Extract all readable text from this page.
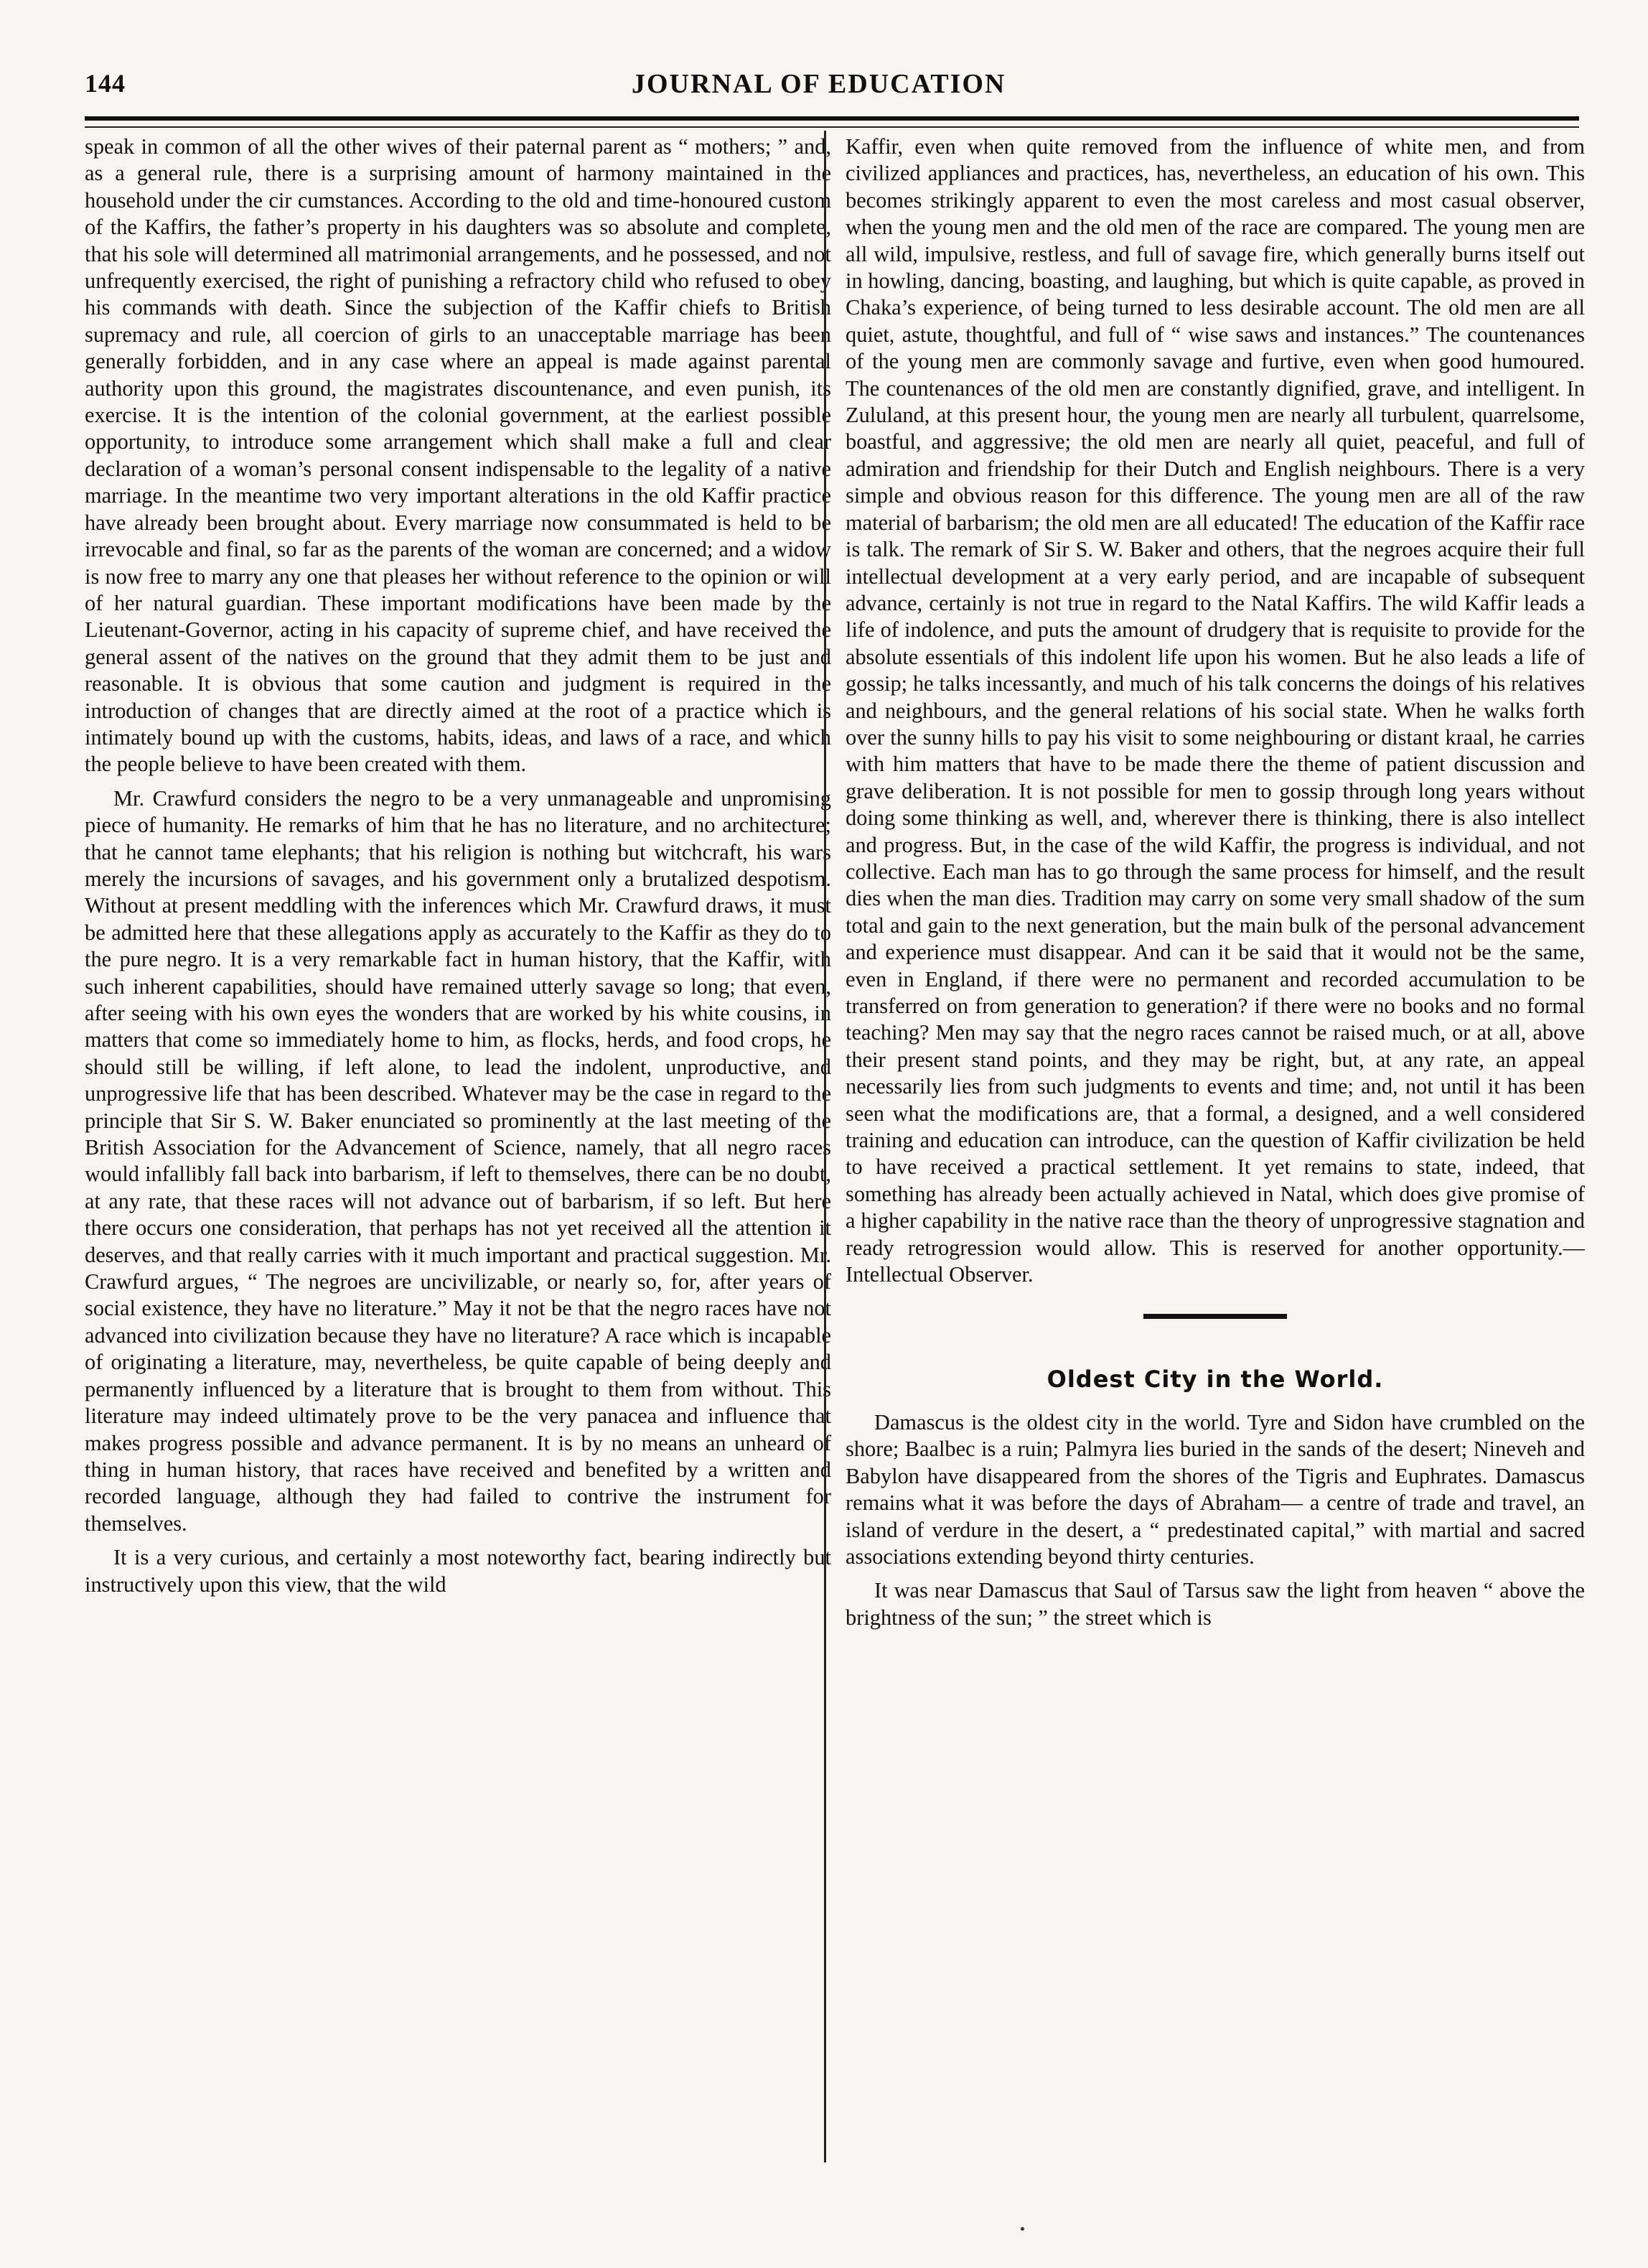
144	JOURNAL OF EDUCATION

speak in common of all the other wives of their paternal parent as “ mothers; ” and, as a general rule, there is a surprising amount of harmony maintained in the household under the cir cumstances. According to the old and time-honoured custom of the Kaffirs, the father’s property in his daughters was so absolute and complete, that his sole will determined all matrimonial arrangements, and he possessed, and not unfrequently exercised, the right of punishing a refractory child who refused to obey his commands with death. Since the subjection of the Kaffir chiefs to British supremacy and rule, all coercion of girls to an unacceptable marriage has been generally forbidden, and in any case where an appeal is made against parental authority upon this ground, the magistrates discountenance, and even punish, its exercise. It is the intention of the colonial government, at the earliest possible opportunity, to introduce some arrangement which shall make a full and clear declaration of a woman’s personal consent indispensable to the legality of a native marriage. In the meantime two very important alterations in the old Kaffir practice have already been brought about. Every marriage now consummated is held to be irrevocable and final, so far as the parents of the woman are concerned; and a widow is now free to marry any one that pleases her without reference to the opinion or will of her natural guardian. These important modifications have been made by the Lieutenant-Governor, acting in his capacity of supreme chief, and have received the general assent of the natives on the ground that they admit them to be just and reasonable. It is obvious that some caution and judgment is required in the introduction of changes that are directly aimed at the root of a practice which is intimately bound up with the customs, habits, ideas, and laws of a race, and which the people believe to have been created with them.

Mr. Crawfurd considers the negro to be a very unmanageable and unpromising piece of humanity. He remarks of him that he has no literature, and no architecture; that he cannot tame elephants; that his religion is nothing but witchcraft, his wars merely the incursions of savages, and his government only a brutalized despotism. Without at present meddling with the inferences which Mr. Crawfurd draws, it must be admitted here that these allegations apply as accurately to the Kaffir as they do to the pure negro. It is a very remarkable fact in human history, that the Kaffir, with such inherent capabilities, should have remained utterly savage so long; that even, after seeing with his own eyes the wonders that are worked by his white cousins, in matters that come so immediately home to him, as flocks, herds, and food crops, he should still be willing, if left alone, to lead the indolent, unproductive, and unprogressive life that has been described. Whatever may be the case in regard to the principle that Sir S. W. Baker enunciated so prominently at the last meeting of the British Association for the Advancement of Science, namely, that all negro races would infallibly fall back into barbarism, if left to themselves, there can be no doubt, at any rate, that these races will not advance out of barbarism, if so left. But here there occurs one consideration, that perhaps has not yet received all the attention it deserves, and that really carries with it much important and practical suggestion. Mr. Crawfurd argues, “ The negroes are uncivilizable, or nearly so, for, after years of social existence, they have no literature.” May it not be that the negro races have not advanced into civilization because they have no literature? A race which is incapable of originating a literature, may, nevertheless, be quite capable of being deeply and permanently influenced by a literature that is brought to them from without. This literature may indeed ultimately prove to be the very panacea and influence that makes progress possible and advance permanent. It is by no means an unheard of thing in human history, that races have received and benefited by a written and recorded language, although they had failed to contrive the instrument for themselves.

It is a very curious, and certainly a most noteworthy fact, bearing indirectly but instructively upon this view, that the wild

Kaffir, even when quite removed from the influence of white men, and from civilized appliances and practices, has, nevertheless, an education of his own. This becomes strikingly apparent to even the most careless and most casual observer, when the young men and the old men of the race are compared. The young men are all wild, impulsive, restless, and full of savage fire, which generally burns itself out in howling, dancing, boasting, and laughing, but which is quite capable, as proved in Chaka’s experience, of being turned to less desirable account. The old men are all quiet, astute, thoughtful, and full of “ wise saws and instances.” The countenances of the young men are commonly savage and furtive, even when good humoured. The countenances of the old men are constantly dignified, grave, and intelligent. In Zululand, at this present hour, the young men are nearly all turbulent, quarrelsome, boastful, and aggressive; the old men are nearly all quiet, peaceful, and full of admiration and friendship for their Dutch and English neighbours. There is a very simple and obvious reason for this difference. The young men are all of the raw material of barbarism; the old men are all educated! The education of the Kaffir race is talk. The remark of Sir S. W. Baker and others, that the negroes acquire their full intellectual development at a very early period, and are incapable of subsequent advance, certainly is not true in regard to the Natal Kaffirs. The wild Kaffir leads a life of indolence, and puts the amount of drudgery that is requisite to provide for the absolute essentials of this indolent life upon his women. But he also leads a life of gossip; he talks incessantly, and much of his talk concerns the doings of his relatives and neighbours, and the general relations of his social state. When he walks forth over the sunny hills to pay his visit to some neighbouring or distant kraal, he carries with him matters that have to be made there the theme of patient discussion and grave deliberation. It is not possible for men to gossip through long years without doing some thinking as well, and, wherever there is thinking, there is also intellect and progress. But, in the case of the wild Kaffir, the progress is individual, and not collective. Each man has to go through the same process for himself, and the result dies when the man dies. Tradition may carry on some very small shadow of the sum total and gain to the next generation, but the main bulk of the personal advancement and experience must disappear. And can it be said that it would not be the same, even in England, if there were no permanent and recorded accumulation to be transferred on from generation to generation? if there were no books and no formal teaching? Men may say that the negro races cannot be raised much, or at all, above their present stand points, and they may be right, but, at any rate, an appeal necessarily lies from such judgments to events and time; and, not until it has been seen what the modifications are, that a formal, a designed, and a well considered training and education can introduce, can the question of Kaffir civilization be held to have received a practical settlement. It yet remains to state, indeed, that something has already been actually achieved in Natal, which does give promise of a higher capability in the native race than the theory of unprogressive stagnation and ready retrogression would allow. This is reserved for another opportunity.—Intellectual Observer.

Oldest City in the World.

Damascus is the oldest city in the world. Tyre and Sidon have crumbled on the shore; Baalbec is a ruin; Palmyra lies buried in the sands of the desert; Nineveh and Babylon have disappeared from the shores of the Tigris and Euphrates. Damascus remains what it was before the days of Abraham— a centre of trade and travel, an island of verdure in the desert, a “ predestinated capital,” with martial and sacred associations extending beyond thirty centuries.

It was near Damascus that Saul of Tarsus saw the light from heaven “ above the brightness of the sun; ” the street which is
